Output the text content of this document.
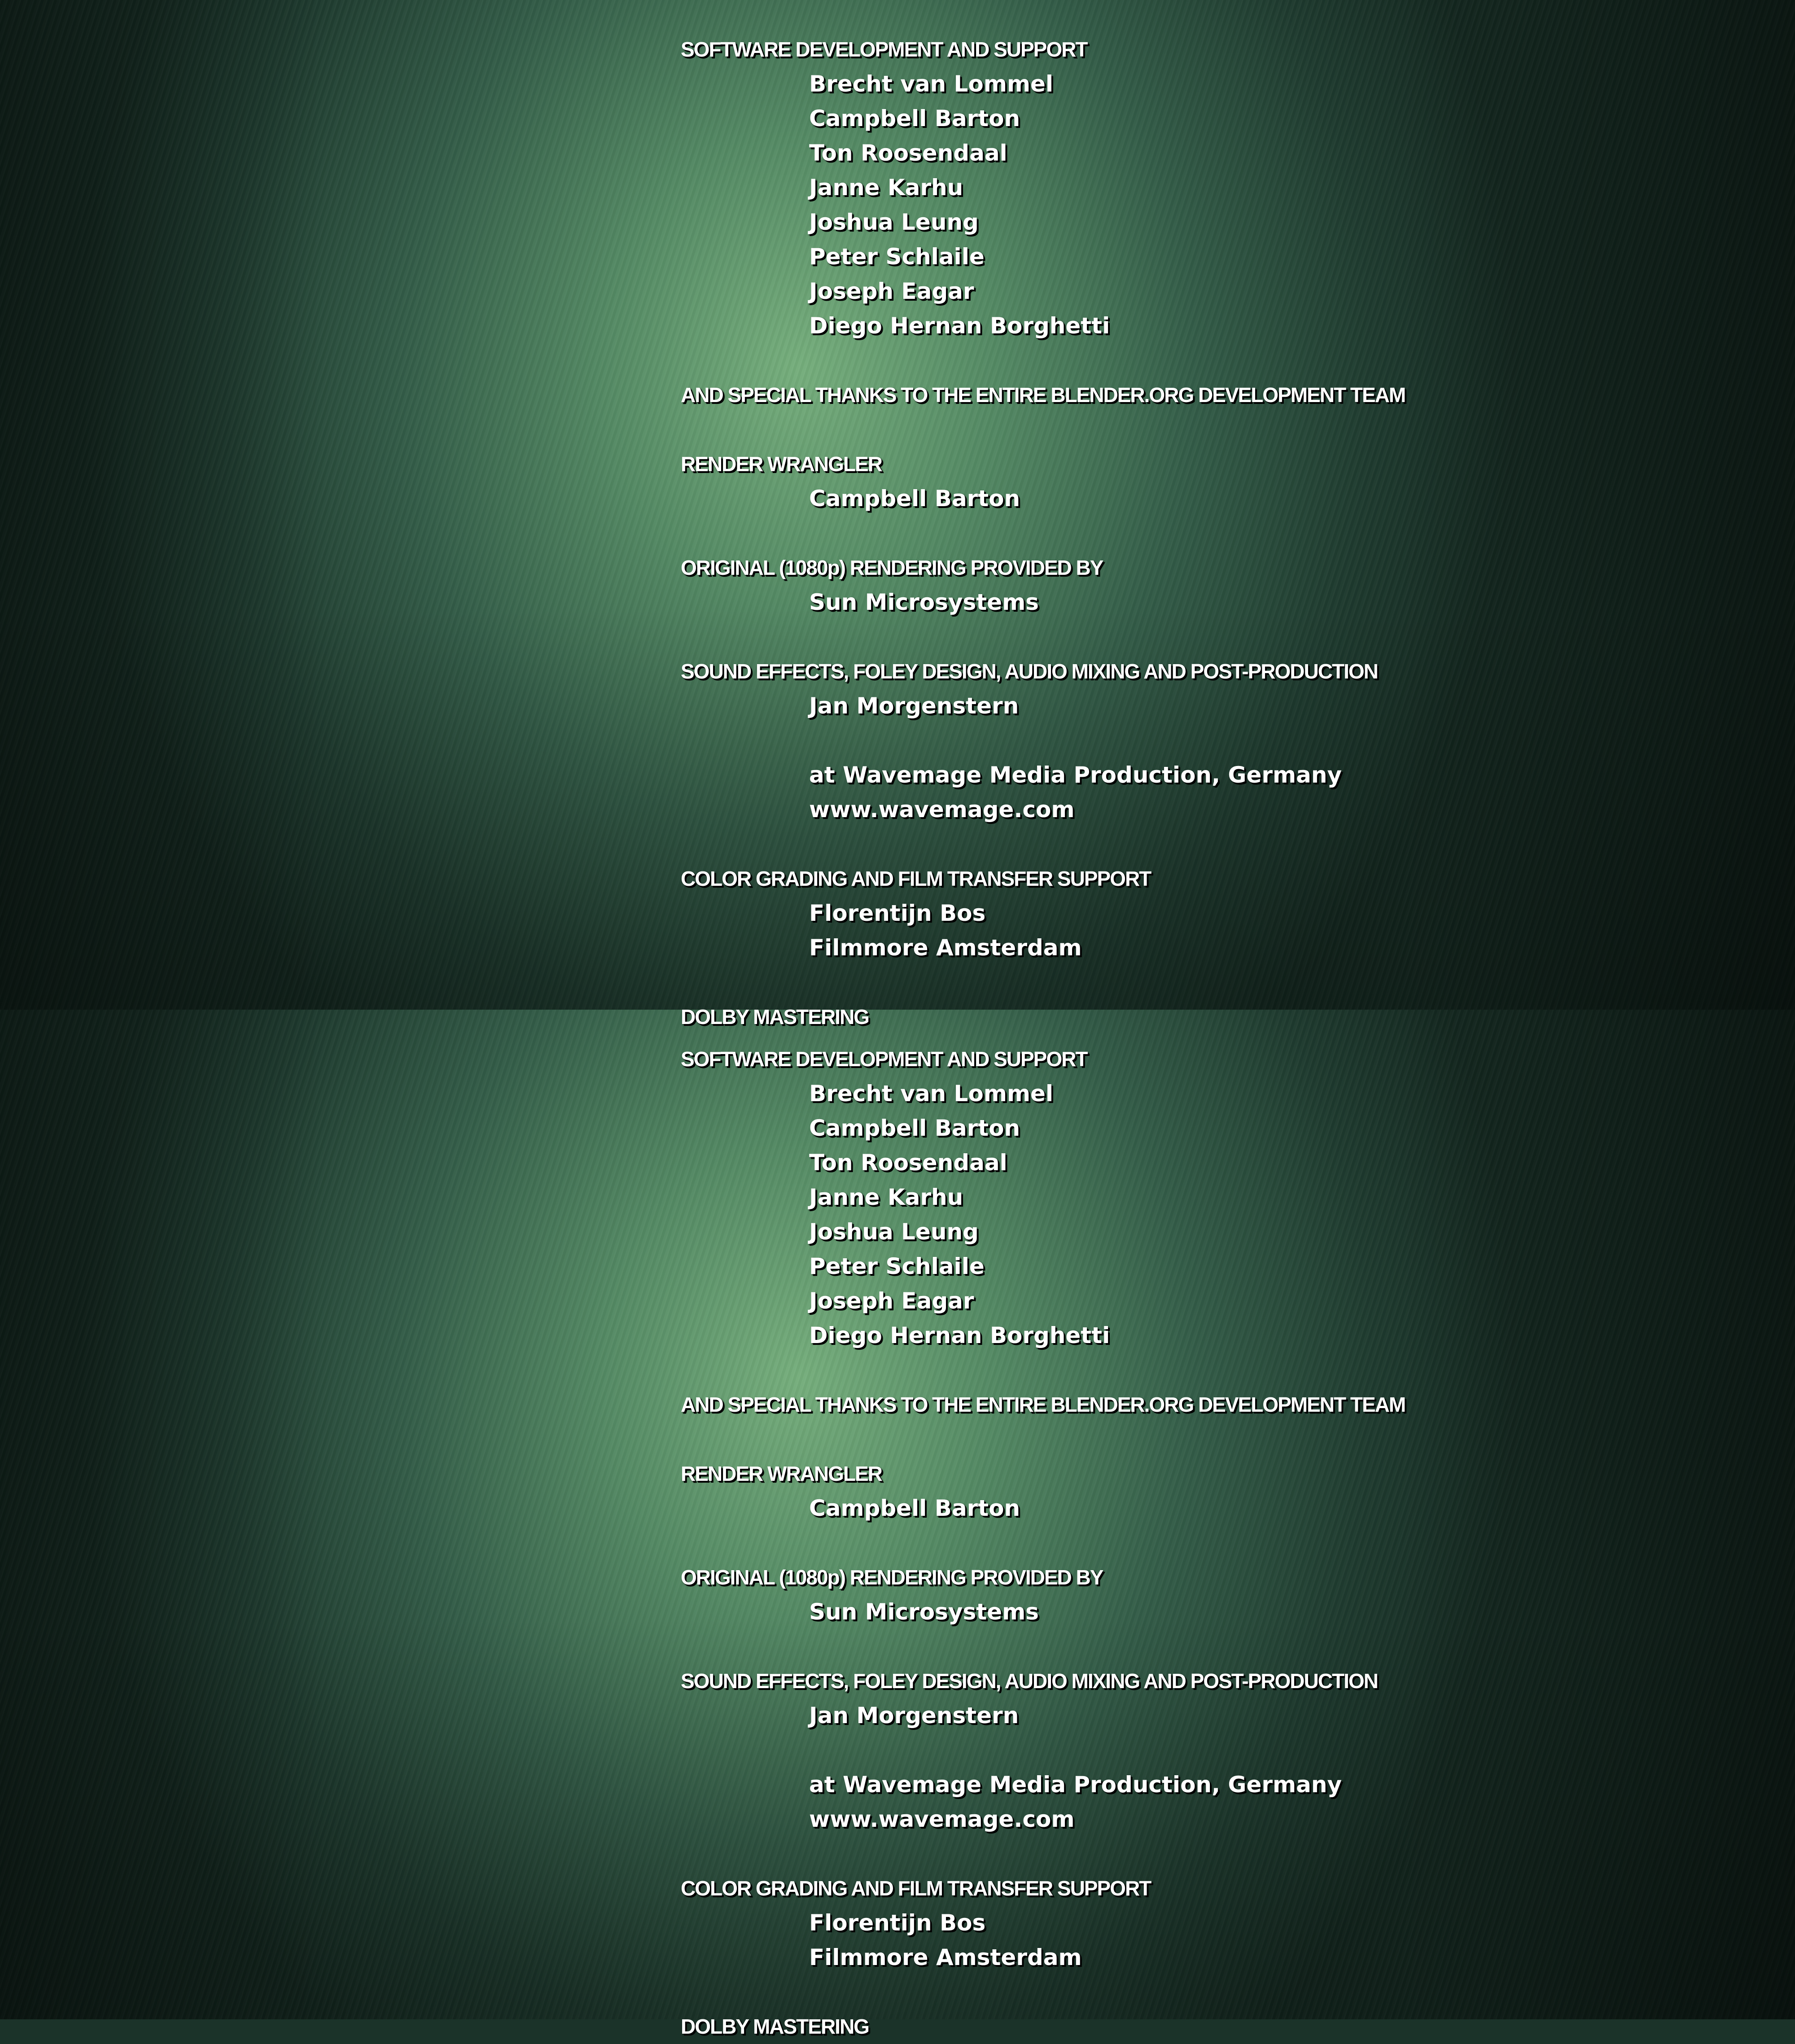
SOFTWARE DEVELOPMENT AND SUPPORT
Brecht van Lommel
Campbell Barton
Ton Roosendaal
Janne Karhu
Joshua Leung
Peter Schlaile
Joseph Eagar
Diego Hernan Borghetti
AND SPECIAL THANKS TO THE ENTIRE BLENDER.ORG DEVELOPMENT TEAM
RENDER WRANGLER
Campbell Barton
ORIGINAL (1080p) RENDERING PROVIDED BY
Sun Microsystems
SOUND EFFECTS, FOLEY DESIGN, AUDIO MIXING AND POST-PRODUCTION
Jan Morgenstern
at Wavemage Media Production, Germany
www.wavemage.com
COLOR GRADING AND FILM TRANSFER SUPPORT
Florentijn Bos
Filmmore Amsterdam
DOLBY MASTERING
SOFTWARE DEVELOPMENT AND SUPPORT
Brecht van Lommel
Campbell Barton
Ton Roosendaal
Janne Karhu
Joshua Leung
Peter Schlaile
Joseph Eagar
Diego Hernan Borghetti
AND SPECIAL THANKS TO THE ENTIRE BLENDER.ORG DEVELOPMENT TEAM
RENDER WRANGLER
Campbell Barton
ORIGINAL (1080p) RENDERING PROVIDED BY
Sun Microsystems
SOUND EFFECTS, FOLEY DESIGN, AUDIO MIXING AND POST-PRODUCTION
Jan Morgenstern
at Wavemage Media Production, Germany
www.wavemage.com
COLOR GRADING AND FILM TRANSFER SUPPORT
Florentijn Bos
Filmmore Amsterdam
DOLBY MASTERING
